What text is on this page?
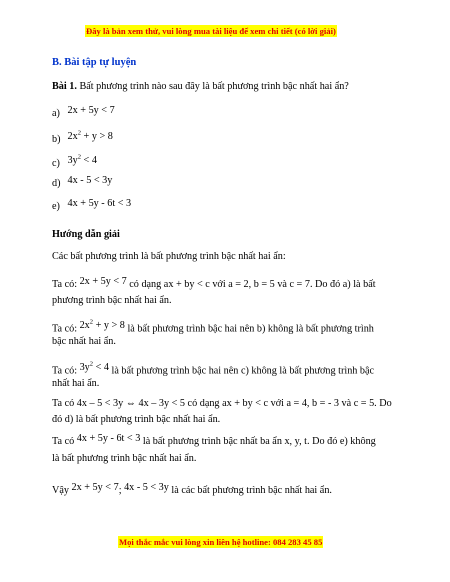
Đây là bản xem thử, vui lòng mua tài liệu để xem chi tiết (có lời giải)
B. Bài tập tự luyện
Bài 1. Bất phương trình nào sau đây là bất phương trình bậc nhất hai ẩn?
a) 2x + 5y < 7
b) $2x^2 + y > 8$
c) $3y^2 < 4$
d) 4x - 5 < 3y
e) 4x + 5y - 6t < 3
Hướng dẫn giải
Các bất phương trình là bất phương trình bậc nhất hai ẩn:
Ta có: 2x + 5y < 7 có dạng ax + by < c với a = 2, b = 5 và c = 7. Do đó a) là bất
phương trình bậc nhất hai ẩn.
Ta có: $2x^2 + y > 8$ là bất phương trình bậc hai nên b) không là bất phương trình
bậc nhất hai ẩn.
Ta có: $3y^2 < 4$ là bất phương trình bậc hai nên c) không là bất phương trình bậc
nhất hai ẩn.
Ta có 4x – 5 < 3y ⇔ 4x – 3y < 5 có dạng ax + by < c với a = 4, b = - 3 và c = 5. Do
đó d) là bất phương trình bậc nhất hai ẩn.
Ta có 4x + 5y - 6t < 3 là bất phương trình bậc nhất ba ẩn x, y, t. Do đó e) không
là bất phương trình bậc nhất hai ẩn.
Vậy 2x + 5y < 7; 4x - 5 < 3y là các bất phương trình bậc nhất hai ẩn.
Mọi thắc mắc vui lòng xin liên hệ hotline: 084 283 45 85
